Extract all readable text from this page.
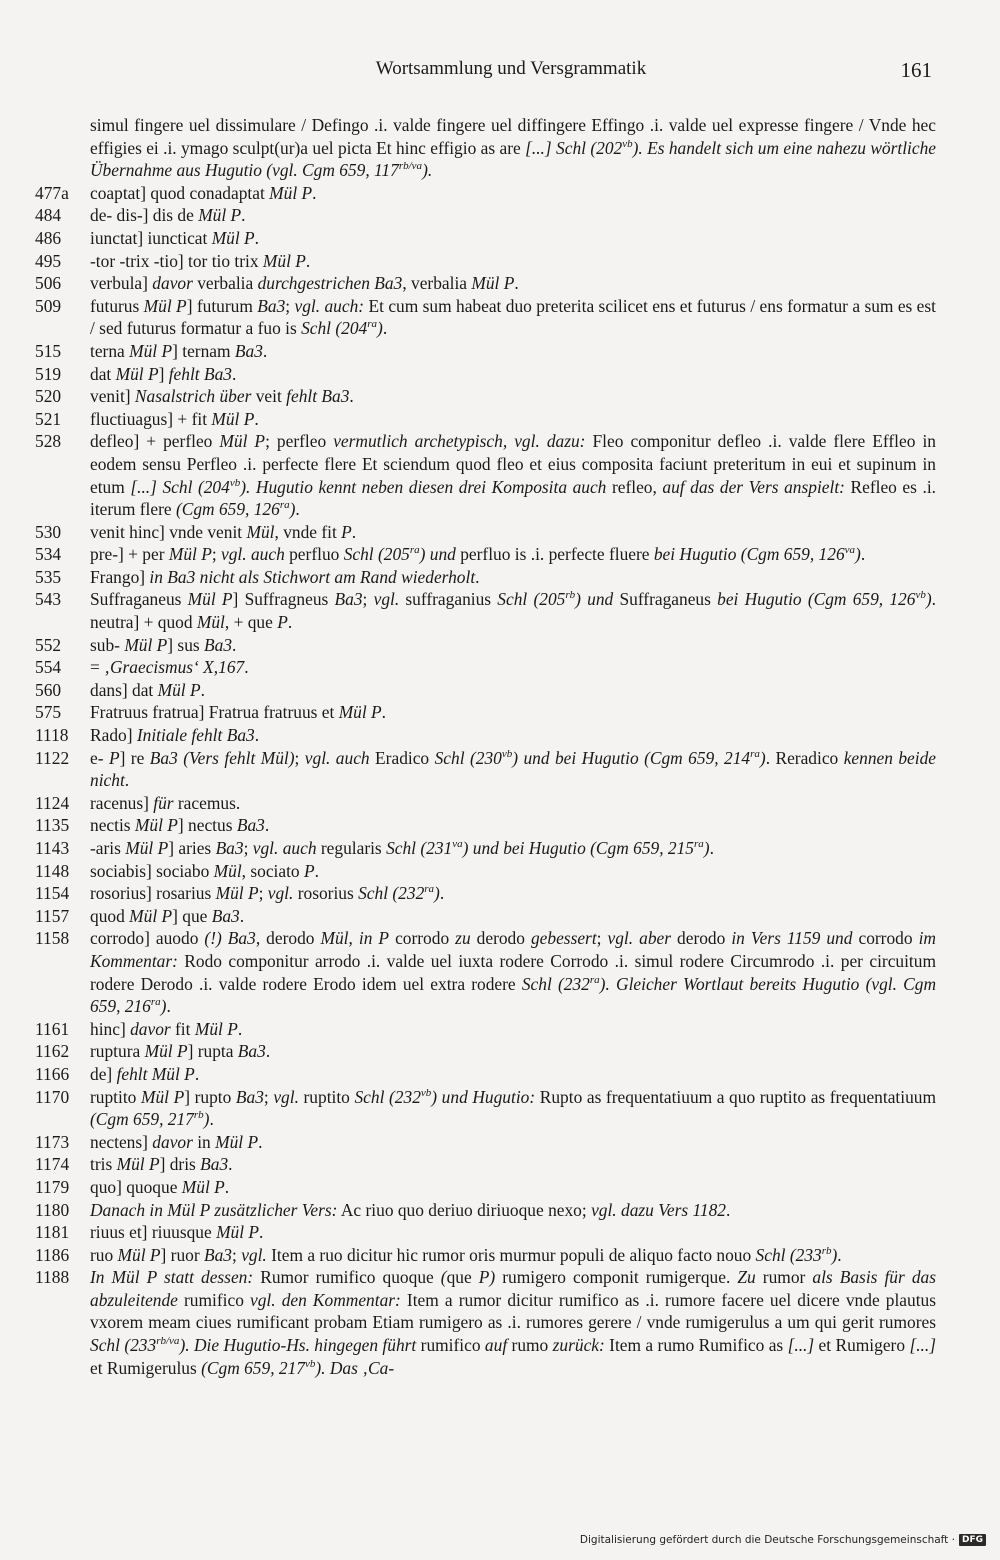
Wortsammlung und Versgrammatik	161
simul fingere uel dissimulare / Defingo .i. valde fingere uel diffingere Effingo .i. valde uel expresse fingere / Vnde hec effigies ei .i. ymago sculpt(ur)a uel picta Et hinc effigio as are [...] Schl $(202^{vb})$. Es handelt sich um eine nahezu wörtliche Übernahme aus Hugutio (vgl. Cgm 659, $117^{rb/va}$).
477a coaptat] quod conadaptat Mül P.
484 de- dis-] dis de Mül P.
486 iunctat] iuncticat Mül P.
495 -tor -trix -tio] tor tio trix Mül P.
506 verbula] davor verbalia durchgestrichen Ba3, verbalia Mül P.
509 futurus Mül P] futurum Ba3; vgl. auch: Et cum sum habeat duo preterita scilicet ens et futurus / ens formatur a sum es est / sed futurus formatur a fuo is Schl $(204^{ra})$.
515 terna Mül P] ternam Ba3.
519 dat Mül P] fehlt Ba3.
520 venit] Nasalstrich über veit fehlt Ba3.
521 fluctiuagus] + fit Mül P.
528 defleo] + perfleo Mül P; perfleo vermutlich archetypisch, vgl. dazu: Fleo componitur defleo .i. valde flere Effleo in eodem sensu Perfleo .i. perfecte flere Et sciendum quod fleo et eius composita faciunt preteritum in eui et supinum in etum [...] Schl $(204^{vb})$. Hugutio kennt neben diesen drei Komposita auch refleo, auf das der Vers anspielt: Refleo es .i. iterum flere (Cgm 659, $126^{ra}$).
530 venit hinc] vnde venit Mül, vnde fit P.
534 pre-] + per Mül P; vgl. auch perfluo Schl $(205^{ra})$ und perfluo is .i. perfecte fluere bei Hugutio (Cgm 659, $126^{va}$).
535 Frango] in Ba3 nicht als Stichwort am Rand wiederholt.
543 Suffraganeus Mül P] Suffragneus Ba3; vgl. suffraganius Schl $(205^{rb})$ und Suffraganeus bei Hugutio (Cgm 659, $126^{vb}$). neutra] + quod Mül, + que P.
552 sub- Mül P] sus Ba3.
554 = ‚Graecismus‘ X,167.
560 dans] dat Mül P.
575 Fratruus fratrua] Fratrua fratruus et Mül P.
1118 Rado] Initiale fehlt Ba3.
1122 e- P] re Ba3 (Vers fehlt Mül); vgl. auch Eradico Schl $(230^{vb})$ und bei Hugutio (Cgm 659, $214^{ra}$). Reradico kennen beide nicht.
1124 racenus] für racemus.
1135 nectis Mül P] nectus Ba3.
1143 -aris Mül P] aries Ba3; vgl. auch regularis Schl $(231^{va})$ und bei Hugutio (Cgm 659, $215^{ra}$).
1148 sociabis] sociabo Mül, sociato P.
1154 rosorius] rosarius Mül P; vgl. rosorius Schl $(232^{ra})$.
1157 quod Mül P] que Ba3.
1158 corrodo] auodo (!) Ba3, derodo Mül, in P corrodo zu derodo gebessert; vgl. aber derodo in Vers 1159 und corrodo im Kommentar: Rodo componitur arrodo .i. valde uel iuxta rodere Corrodo .i. simul rodere Circumrodo .i. per circuitum rodere Derodo .i. valde rodere Erodo idem uel extra rodere Schl $(232^{ra})$. Gleicher Wortlaut bereits Hugutio (vgl. Cgm 659, $216^{ra}$).
1161 hinc] davor fit Mül P.
1162 ruptura Mül P] rupta Ba3.
1166 de] fehlt Mül P.
1170 ruptito Mül P] rupto Ba3; vgl. ruptito Schl $(232^{vb})$ und Hugutio: Rupto as frequentatiuum a quo ruptito as frequentatiuum (Cgm 659, $217^{rb}$).
1173 nectens] davor in Mül P.
1174 tris Mül P] dris Ba3.
1179 quo] quoque Mül P.
1180 Danach in Mül P zusätzlicher Vers: Ac riuo quo deriuo diriuoque nexo; vgl. dazu Vers 1182.
1181 riuus et] riuusque Mül P.
1186 ruo Mül P] ruor Ba3; vgl. Item a ruo dicitur hic rumor oris murmur populi de aliquo facto nouo Schl $(233^{rb})$.
1188 In Mül P statt dessen: Rumor rumifico quoque (que P) rumigero componit rumigerque. Zu rumor als Basis für das abzuleitende rumifico vgl. den Kommentar: Item a rumor dicitur rumifico as .i. rumore facere uel dicere vnde plautus vxorem meam ciues rumificant probam Etiam rumigero as .i. rumores gerere / vnde rumigerulus a um qui gerit rumores Schl $(233^{rb/va})$. Die Hugutio-Hs. hingegen führt rumifico auf rumo zurück: Item a rumo Rumifico as [...] et Rumigero [...] et Rumigerulus (Cgm 659, $217^{vb}$). Das ‚Ca-
Digitalisierung gefördert durch die Deutsche Forschungsgemeinschaft · DFG
